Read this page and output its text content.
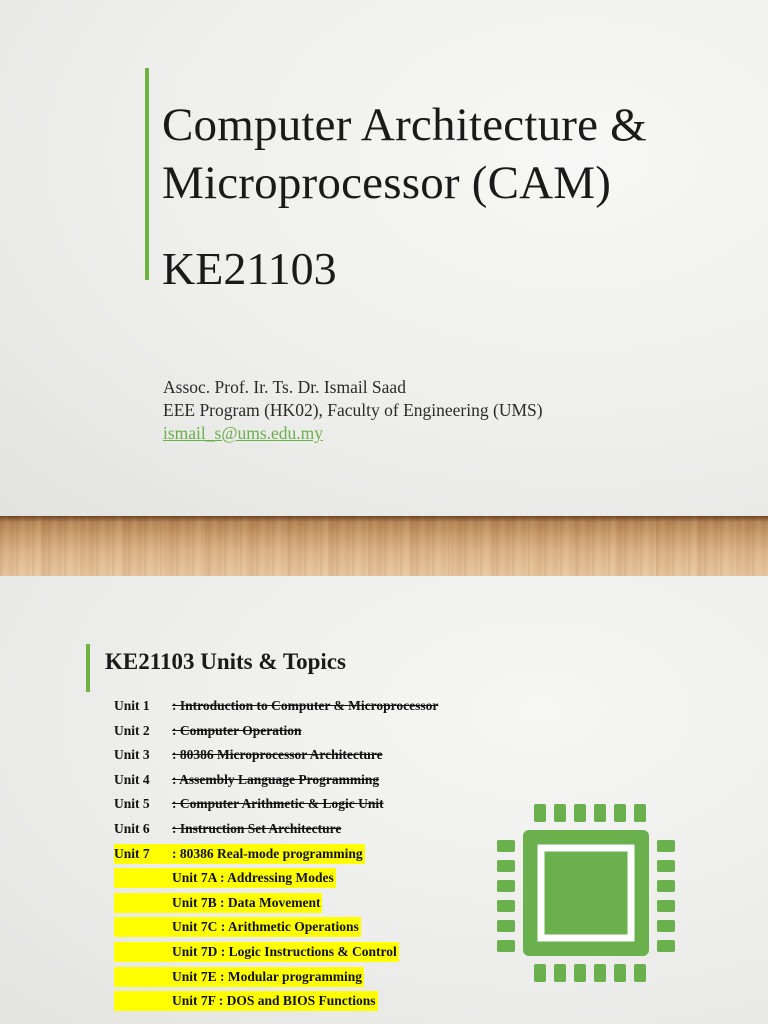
Computer Architecture &
Microprocessor (CAM)
KE21103
Assoc. Prof. Ir. Ts. Dr. Ismail Saad
EEE Program (HK02), Faculty of Engineering (UMS)
ismail_s@ums.edu.my
KE21103 Units & Topics
Unit 1 : Introduction to Computer & Microprocessor
Unit 2 : Computer Operation
Unit 3 : 80386 Microprocessor Architecture
Unit 4 : Assembly Language Programming
Unit 5 : Computer Arithmetic & Logic Unit
Unit 6 : Instruction Set Architecture
Unit 7 : 80386 Real-mode programming
Unit 7A : Addressing Modes
Unit 7B : Data Movement
Unit 7C : Arithmetic Operations
Unit 7D : Logic Instructions & Control
Unit 7E : Modular programming
Unit 7F : DOS and BIOS Functions
